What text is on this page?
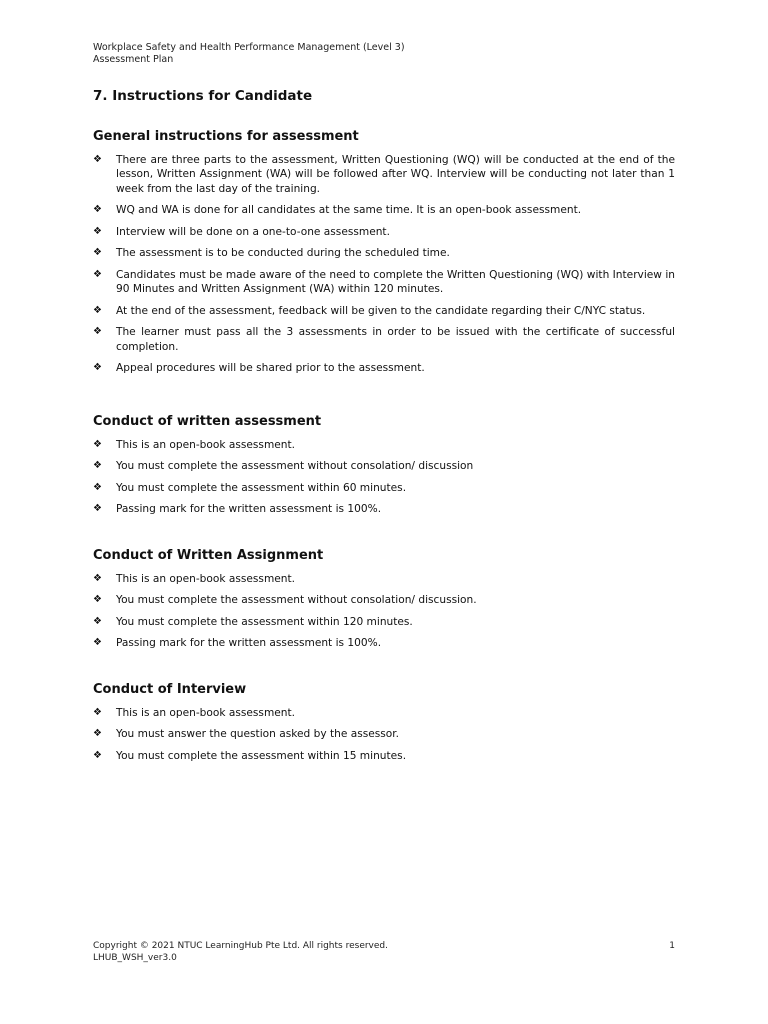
Workplace Safety and Health Performance Management (Level 3)
Assessment Plan
7. Instructions for Candidate
General instructions for assessment
❖ There are three parts to the assessment, Written Questioning (WQ) will be conducted at the end of the lesson, Written Assignment (WA) will be followed after WQ. Interview will be conducting not later than 1 week from the last day of the training.
❖ WQ and WA is done for all candidates at the same time. It is an open-book assessment.
❖ Interview will be done on a one-to-one assessment.
❖ The assessment is to be conducted during the scheduled time.
❖ Candidates must be made aware of the need to complete the Written Questioning (WQ) with Interview in 90 Minutes and Written Assignment (WA) within 120 minutes.
❖ At the end of the assessment, feedback will be given to the candidate regarding their C/NYC status.
❖ The learner must pass all the 3 assessments in order to be issued with the certificate of successful completion.
❖ Appeal procedures will be shared prior to the assessment.
Conduct of written assessment
❖ This is an open-book assessment.
❖ You must complete the assessment without consolation/ discussion
❖ You must complete the assessment within 60 minutes.
❖ Passing mark for the written assessment is 100%.
Conduct of Written Assignment
❖ This is an open-book assessment.
❖ You must complete the assessment without consolation/ discussion.
❖ You must complete the assessment within 120 minutes.
❖ Passing mark for the written assessment is 100%.
Conduct of Interview
❖ This is an open-book assessment.
❖ You must answer the question asked by the assessor.
❖ You must complete the assessment within 15 minutes.
Copyright © 2021 NTUC LearningHub Pte Ltd. All rights reserved.	1
LHUB_WSH_ver3.0
